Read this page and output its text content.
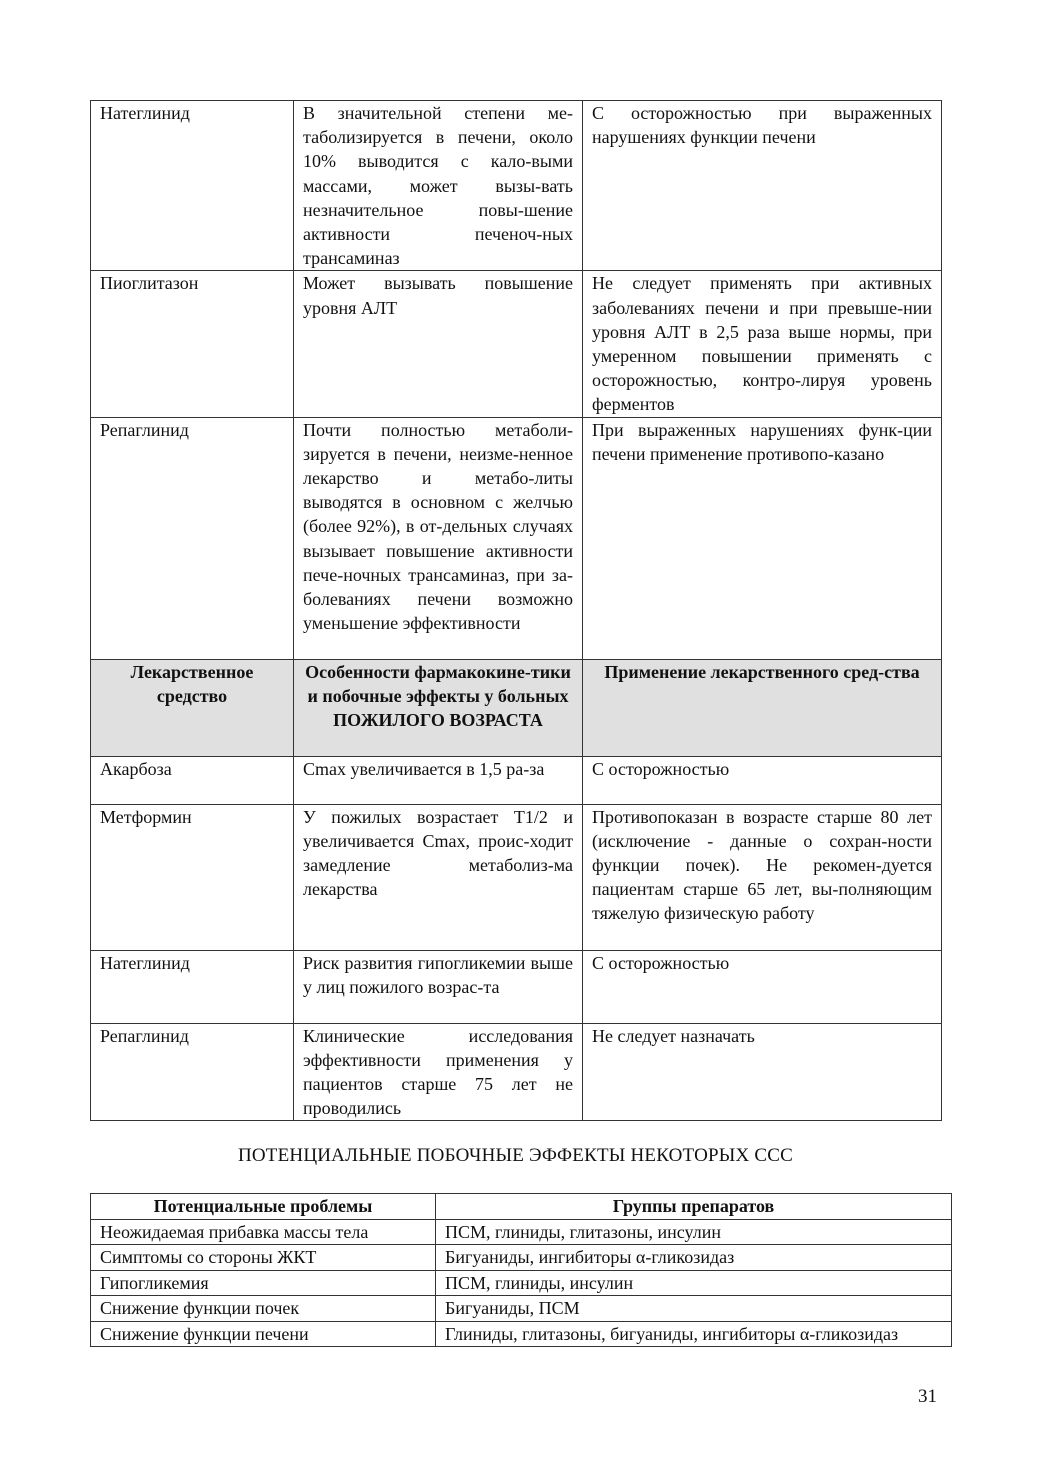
Натеглинид	В значительной степени ме-таболизируется в печени, около 10% выводится с кало-выми массами, может вызы-вать незначительное повы-шение активности печеноч-ных трансаминаз	С осторожностью при выраженных нарушениях функции печени
Пиоглитазон	Может вызывать повышение уровня АЛТ	Не следует применять при активных заболеваниях печени и при превыше-нии уровня АЛТ в 2,5 раза выше нормы, при умеренном повышении применять с осторожностью, контро-лируя уровень ферментов
Репаглинид	Почти полностью метаболи-зируется в печени, неизме-ненное лекарство и метабо-литы выводятся в основном с желчью (более 92%), в от-дельных случаях вызывает повышение активности пече-ночных трансаминаз, при за-болеваниях печени возможно уменьшение эффективности	При выраженных нарушениях функ-ции печени применение противопо-казано
Лекарственное средство	Особенности фармакокине-тики и побочные эффекты у больных ПОЖИЛОГО ВОЗРАСТА	Применение лекарственного сред-ства
Акарбоза	Cmax увеличивается в 1,5 ра-за	С осторожностью
Метформин	У пожилых возрастает Т1/2 и увеличивается Cmax, проис-ходит замедление метаболиз-ма лекарства	Противопоказан в возрасте старше 80 лет (исключение - данные о сохран-ности функции почек). Не рекомен-дуется пациентам старше 65 лет, вы-полняющим тяжелую физическую работу
Натеглинид	Риск развития гипогликемии выше у лиц пожилого возрас-та	С осторожностью
Репаглинид	Клинические исследования эффективности применения у пациентов старше 75 лет не проводились	Не следует назначать
ПОТЕНЦИАЛЬНЫЕ ПОБОЧНЫЕ ЭФФЕКТЫ НЕКОТОРЫХ ССС
Потенциальные проблемы	Группы препаратов
Неожидаемая прибавка массы тела	ПСМ, глиниды, глитазоны, инсулин
Симптомы со стороны ЖКТ	Бигуаниды, ингибиторы α-гликозидаз
Гипогликемия	ПСМ, глиниды, инсулин
Снижение функции почек	Бигуаниды, ПСМ
Снижение функции печени	Глиниды, глитазоны, бигуаниды, ингибиторы α-гликозидаз
31
